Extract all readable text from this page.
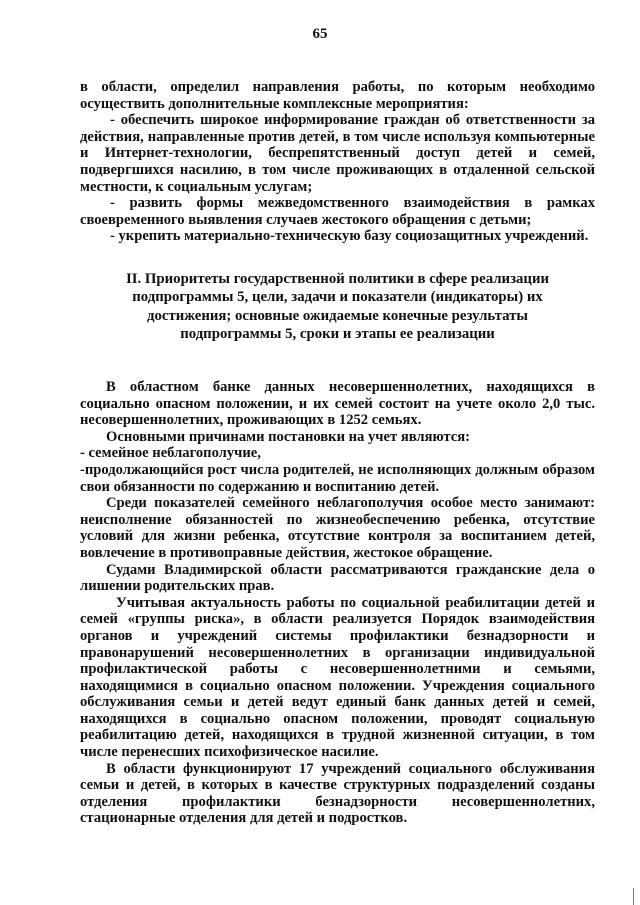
65

в области, определил направления работы, по которым необходимо осуществить дополнительные комплексные мероприятия:

- обеспечить широкое информирование граждан об ответственности за действия, направленные против детей, в том числе используя компьютерные и Интернет-технологии, беспрепятственный доступ детей и семей, подвергшихся насилию, в том числе проживающих в отдаленной сельской местности, к социальным услугам;

- развить формы межведомственного взаимодействия в рамках своевременного выявления случаев жестокого обращения с детьми;

- укрепить материально-техническую базу социозащитных учреждений.

II. Приоритеты государственной политики в сфере реализации
подпрограммы 5, цели, задачи и показатели (индикаторы) их
достижения; основные ожидаемые конечные результаты
подпрограммы 5, сроки и этапы ее реализации

В областном банке данных несовершеннолетних, находящихся в социально опасном положении, и их семей состоит на учете около 2,0 тыс. несовершеннолетних, проживающих в 1252 семьях.

Основными причинами постановки на учет являются:

- семейное неблагополучие,

-продолжающийся рост числа родителей, не исполняющих должным образом свои обязанности по содержанию и воспитанию детей.

Среди показателей семейного неблагополучия особое место занимают: неисполнение обязанностей по жизнеобеспечению ребенка, отсутствие условий для жизни ребенка, отсутствие контроля за воспитанием детей, вовлечение в противоправные действия, жестокое обращение.

Судами Владимирской области рассматриваются гражданские дела о лишении родительских прав.

Учитывая актуальность работы по социальной реабилитации детей и семей «группы риска», в области реализуется Порядок взаимодействия органов и учреждений системы профилактики безнадзорности и правонарушений несовершеннолетних в организации индивидуальной профилактической работы с несовершеннолетними и семьями, находящимися в социально опасном положении. Учреждения социального обслуживания семьи и детей ведут единый банк данных детей и семей, находящихся в социально опасном положении, проводят социальную реабилитацию детей, находящихся в трудной жизненной ситуации, в том числе перенесших психофизическое насилие.

В области функционируют 17 учреждений социального обслуживания семьи и детей, в которых в качестве структурных подразделений созданы отделения профилактики безнадзорности несовершеннолетних, стационарные отделения для детей и подростков.
